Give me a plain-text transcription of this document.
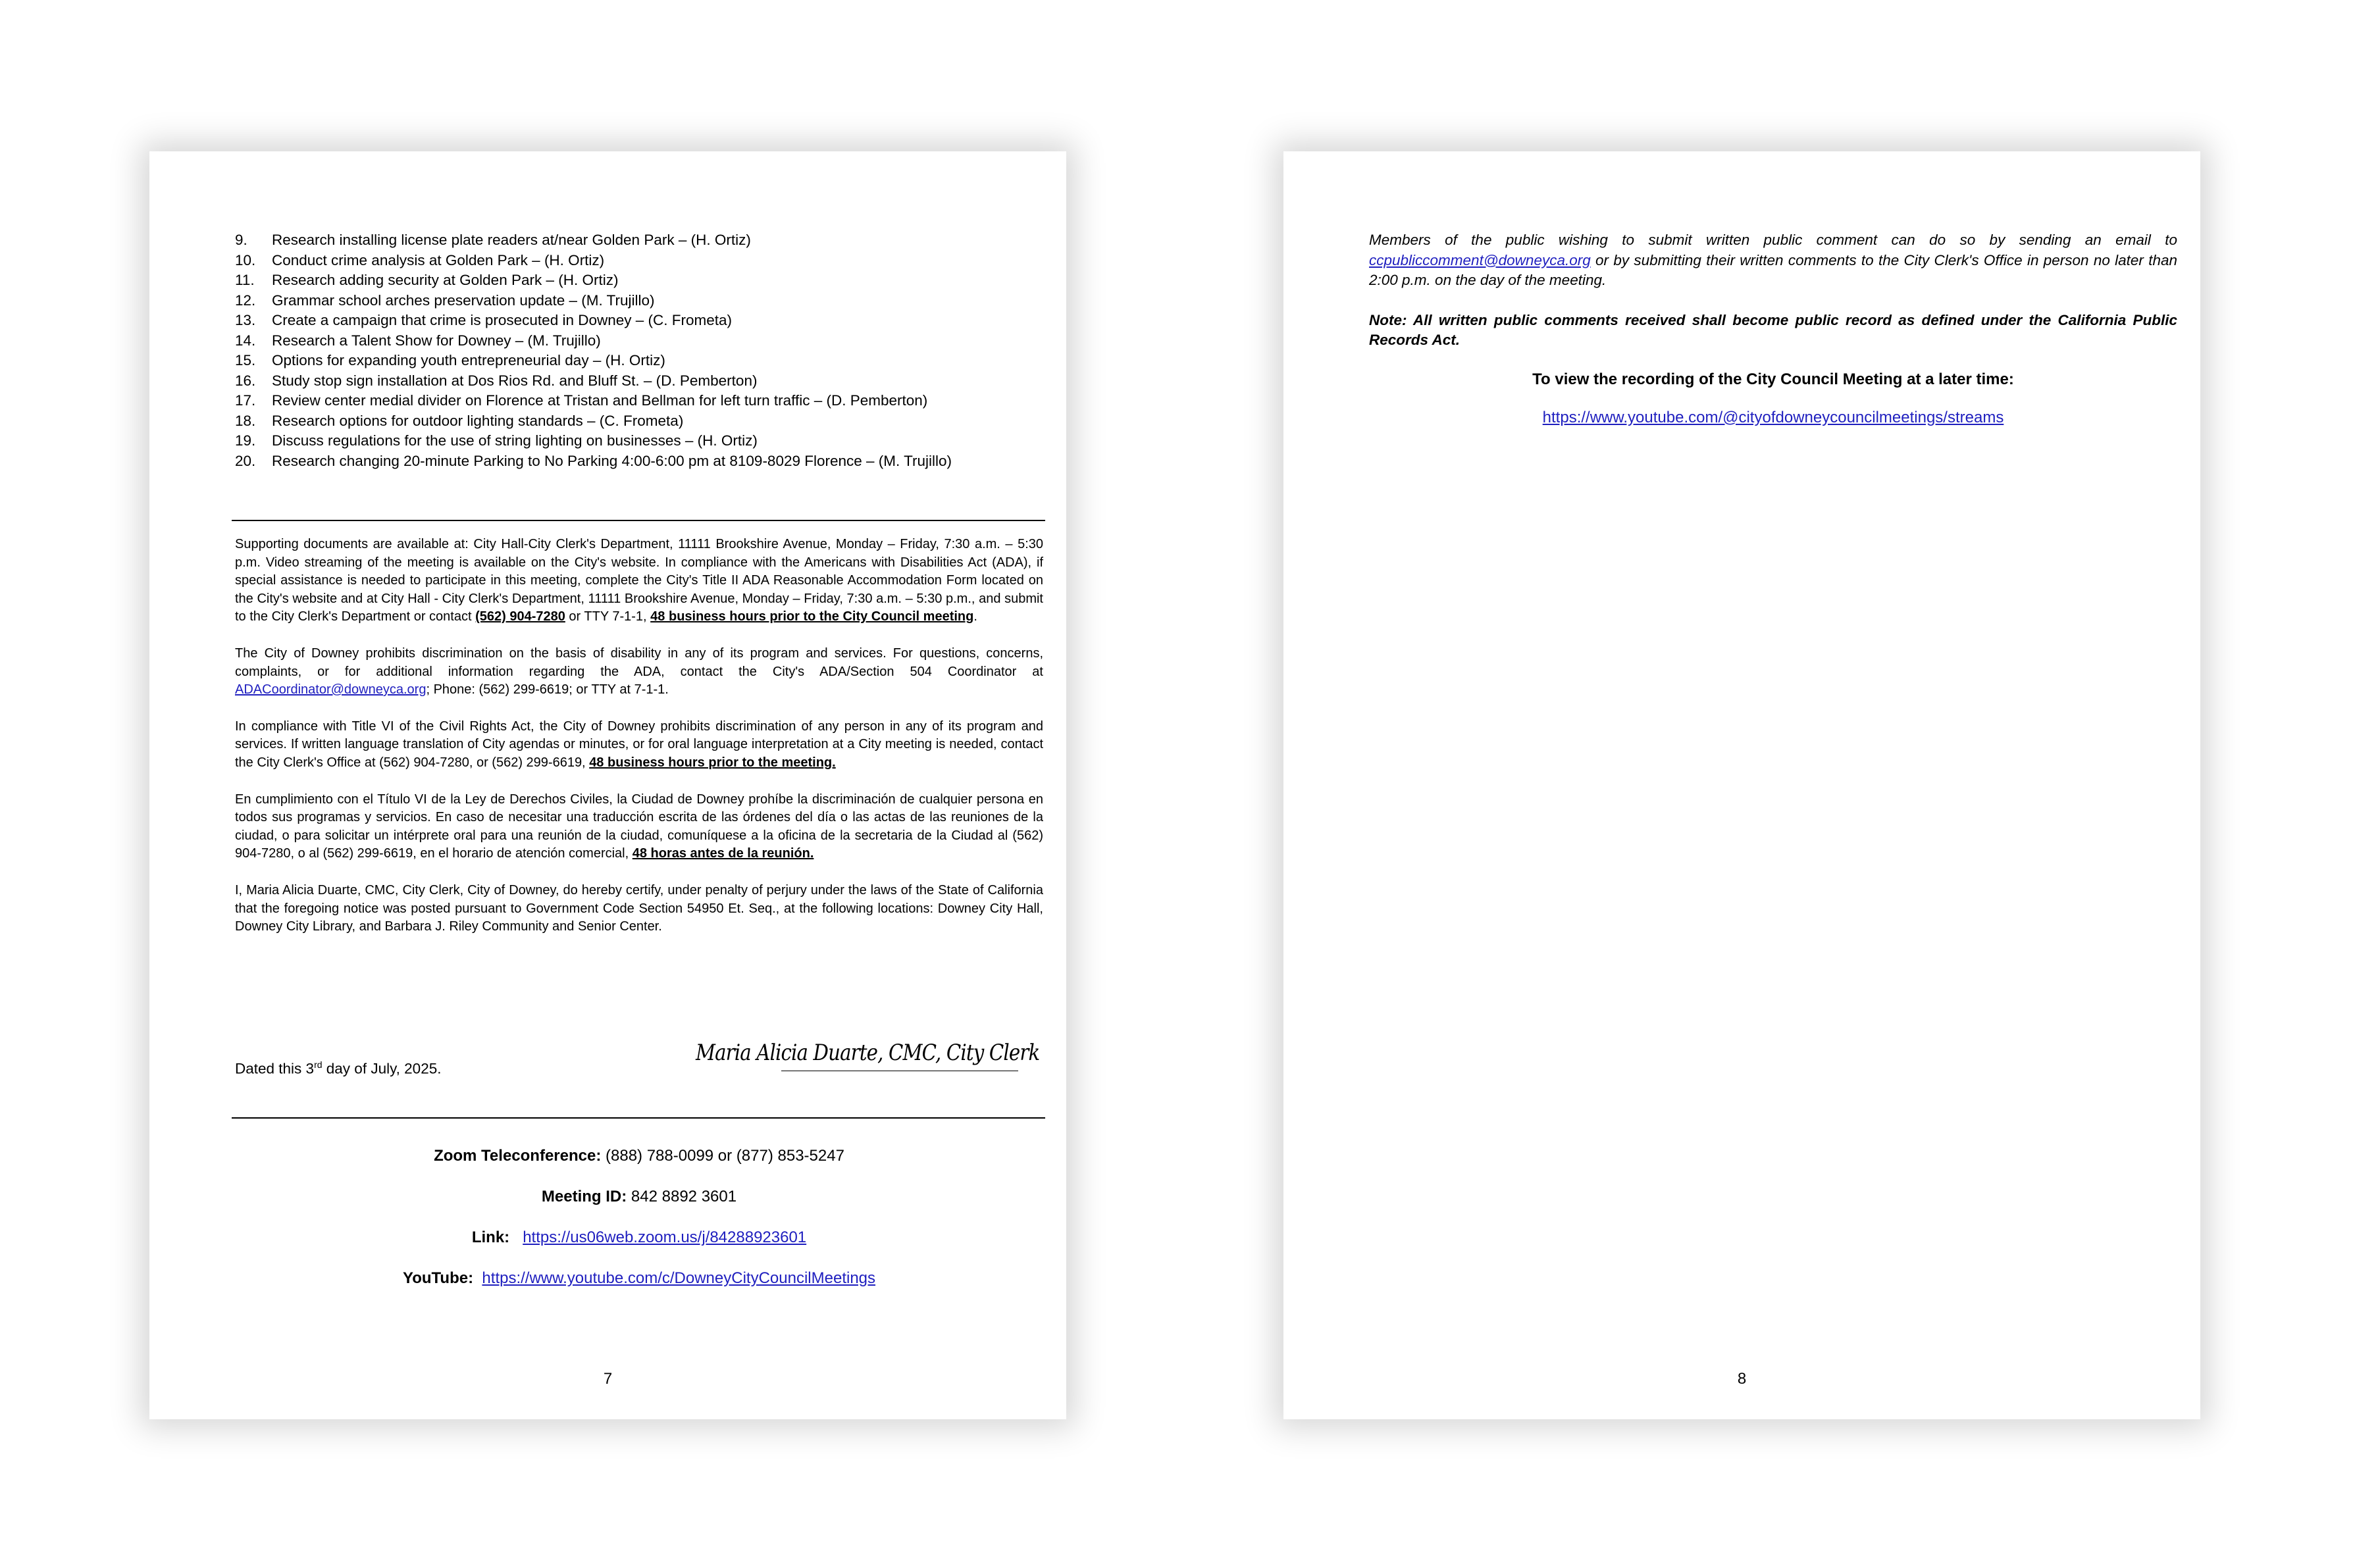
9. Research installing license plate readers at/near Golden Park – (H. Ortiz)
10. Conduct crime analysis at Golden Park – (H. Ortiz)
11. Research adding security at Golden Park – (H. Ortiz)
12. Grammar school arches preservation update – (M. Trujillo)
13. Create a campaign that crime is prosecuted in Downey – (C. Frometa)
14. Research a Talent Show for Downey – (M. Trujillo)
15. Options for expanding youth entrepreneurial day – (H. Ortiz)
16. Study stop sign installation at Dos Rios Rd. and Bluff St. – (D. Pemberton)
17. Review center medial divider on Florence at Tristan and Bellman for left turn traffic – (D. Pemberton)
18. Research options for outdoor lighting standards – (C. Frometa)
19. Discuss regulations for the use of string lighting on businesses – (H. Ortiz)
20. Research changing 20-minute Parking to No Parking 4:00-6:00 pm at 8109-8029 Florence – (M. Trujillo)

Supporting documents are available at: City Hall-City Clerk's Department, 11111 Brookshire Avenue, Monday – Friday, 7:30 a.m. – 5:30 p.m. Video streaming of the meeting is available on the City's website. In compliance with the Americans with Disabilities Act (ADA), if special assistance is needed to participate in this meeting, complete the City's Title II ADA Reasonable Accommodation Form located on the City's website and at City Hall - City Clerk's Department, 11111 Brookshire Avenue, Monday – Friday, 7:30 a.m. – 5:30 p.m., and submit to the City Clerk's Department or contact (562) 904-7280 or TTY 7-1-1, 48 business hours prior to the City Council meeting.

The City of Downey prohibits discrimination on the basis of disability in any of its program and services. For questions, concerns, complaints, or for additional information regarding the ADA, contact the City's ADA/Section 504 Coordinator at ADACoordinator@downeyca.org; Phone: (562) 299-6619; or TTY at 7-1-1.

In compliance with Title VI of the Civil Rights Act, the City of Downey prohibits discrimination of any person in any of its program and services. If written language translation of City agendas or minutes, or for oral language interpretation at a City meeting is needed, contact the City Clerk's Office at (562) 904-7280, or (562) 299-6619, 48 business hours prior to the meeting.

En cumplimiento con el Título VI de la Ley de Derechos Civiles, la Ciudad de Downey prohíbe la discriminación de cualquier persona en todos sus programas y servicios. En caso de necesitar una traducción escrita de las órdenes del día o las actas de las reuniones de la ciudad, o para solicitar un intérprete oral para una reunión de la ciudad, comuníquese a la oficina de la secretaria de la Ciudad al (562) 904-7280, o al (562) 299-6619, en el horario de atención comercial, 48 horas antes de la reunión.

I, Maria Alicia Duarte, CMC, City Clerk, City of Downey, do hereby certify, under penalty of perjury under the laws of the State of California that the foregoing notice was posted pursuant to Government Code Section 54950 Et. Seq., at the following locations: Downey City Hall, Downey City Library, and Barbara J. Riley Community and Senior Center.

Dated this 3rd day of July, 2025.
Maria Alicia Duarte, CMC, City Clerk
Zoom Teleconference: (888) 788-0099 or (877) 853-5247
Meeting ID: 842 8892 3601
Link: https://us06web.zoom.us/j/84288923601
YouTube: https://www.youtube.com/c/DowneyCityCouncilMeetings
7

Members of the public wishing to submit written public comment can do so by sending an email to ccpubliccomment@downeyca.org or by submitting their written comments to the City Clerk's Office in person no later than 2:00 p.m. on the day of the meeting.

Note: All written public comments received shall become public record as defined under the California Public Records Act.

To view the recording of the City Council Meeting at a later time:

https://www.youtube.com/@cityofdowneycouncilmeetings/streams
8
